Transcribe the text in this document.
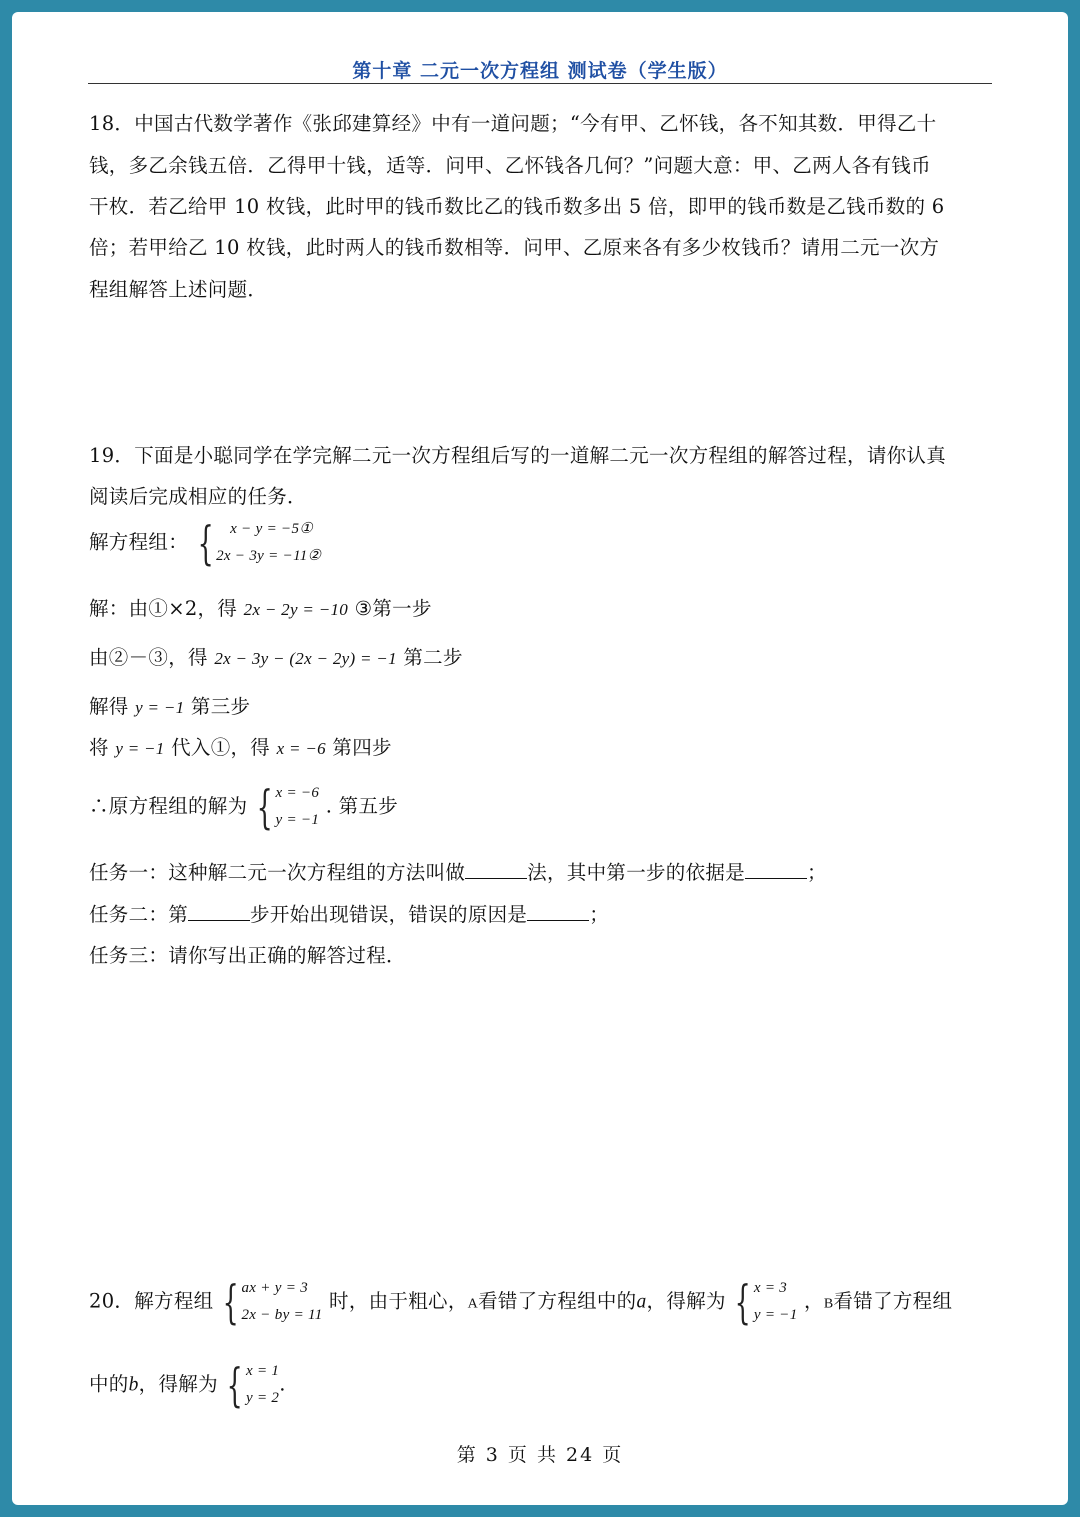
第十章 二元一次方程组 测试卷（学生版）
18．中国古代数学著作《张邱建算经》中有一道问题；“今有甲、乙怀钱，各不知其数．甲得乙十
钱，多乙余钱五倍．乙得甲十钱，适等．问甲、乙怀钱各几何？”问题大意：甲、乙两人各有钱币
干枚．若乙给甲 10 枚钱，此时甲的钱币数比乙的钱币数多出 5 倍，即甲的钱币数是乙钱币数的 6
倍；若甲给乙 10 枚钱，此时两人的钱币数相等．问甲、乙原来各有多少枚钱币？请用二元一次方
程组解答上述问题．
19．下面是小聪同学在学完解二元一次方程组后写的一道解二元一次方程组的解答过程，请你认真
阅读后完成相应的任务．
解方程组： {	x − y = −5①
2x − 3y = −11②
解：由①×2，得 2x − 2y = −10 ③第一步
由②－③，得 2x − 3y − (2x − 2y) = −1 第二步
解得 y = −1 第三步
将 y = −1 代入①，得 x = −6 第四步
∴原方程组的解为 { x = −6
y = −1
. 第五步
任务一：这种解二元一次方程组的方法叫做	法，其中第一步的依据是	；
任务二：第	步开始出现错误，错误的原因是	；
任务三：请你写出正确的解答过程．
20．解方程组 { ax + y = 3
2x − by = 11
时，由于粗心，A看错了方程组中的a，得解为 { x = 3
y = −1
，B看错了方程组
中的b，得解为 { x = 1
y = 2
.
第 3 页 共 24 页
